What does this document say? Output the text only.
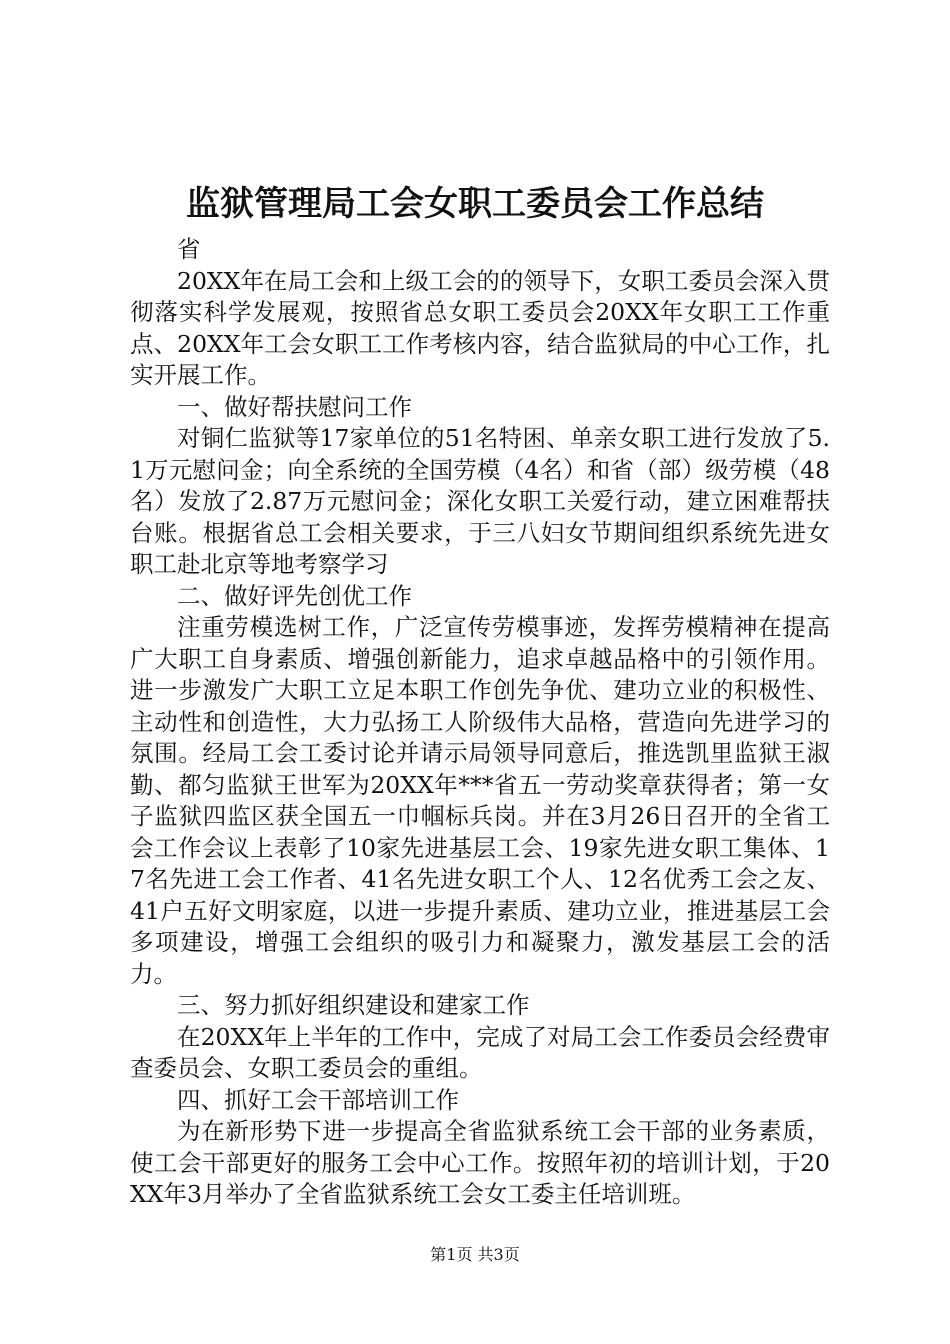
监狱管理局工会女职工委员会工作总结

省

20XX年在局工会和上级工会的的领导下，女职工委员会深入贯彻落实科学发展观，按照省总女职工委员会20XX年女职工工作重点、20XX年工会女职工工作考核内容，结合监狱局的中心工作，扎实开展工作。

一、做好帮扶慰问工作

对铜仁监狱等17家单位的51名特困、单亲女职工进行发放了5.1万元慰问金；向全系统的全国劳模（4名）和省（部）级劳模（48名）发放了2.87万元慰问金；深化女职工关爱行动，建立困难帮扶台账。根据省总工会相关要求，于三八妇女节期间组织系统先进女职工赴北京等地考察学习

二、做好评先创优工作

注重劳模选树工作，广泛宣传劳模事迹，发挥劳模精神在提高广大职工自身素质、增强创新能力，追求卓越品格中的引领作用。进一步激发广大职工立足本职工作创先争优、建功立业的积极性、主动性和创造性，大力弘扬工人阶级伟大品格，营造向先进学习的氛围。经局工会工委讨论并请示局领导同意后，推选凯里监狱王淑勤、都匀监狱王世军为20XX年***省五一劳动奖章获得者；第一女子监狱四监区获全国五一巾帼标兵岗。并在3月26日召开的全省工会工作会议上表彰了10家先进基层工会、19家先进女职工集体、17名先进工会工作者、41名先进女职工个人、12名优秀工会之友、41户五好文明家庭，以进一步提升素质、建功立业，推进基层工会多项建设，增强工会组织的吸引力和凝聚力，激发基层工会的活力。

三、努力抓好组织建设和建家工作

在20XX年上半年的工作中，完成了对局工会工作委员会经费审查委员会、女职工委员会的重组。

四、抓好工会干部培训工作

为在新形势下进一步提高全省监狱系统工会干部的业务素质，使工会干部更好的服务工会中心工作。按照年初的培训计划，于20XX年3月举办了全省监狱系统工会女工委主任培训班。

第1页 共3页
